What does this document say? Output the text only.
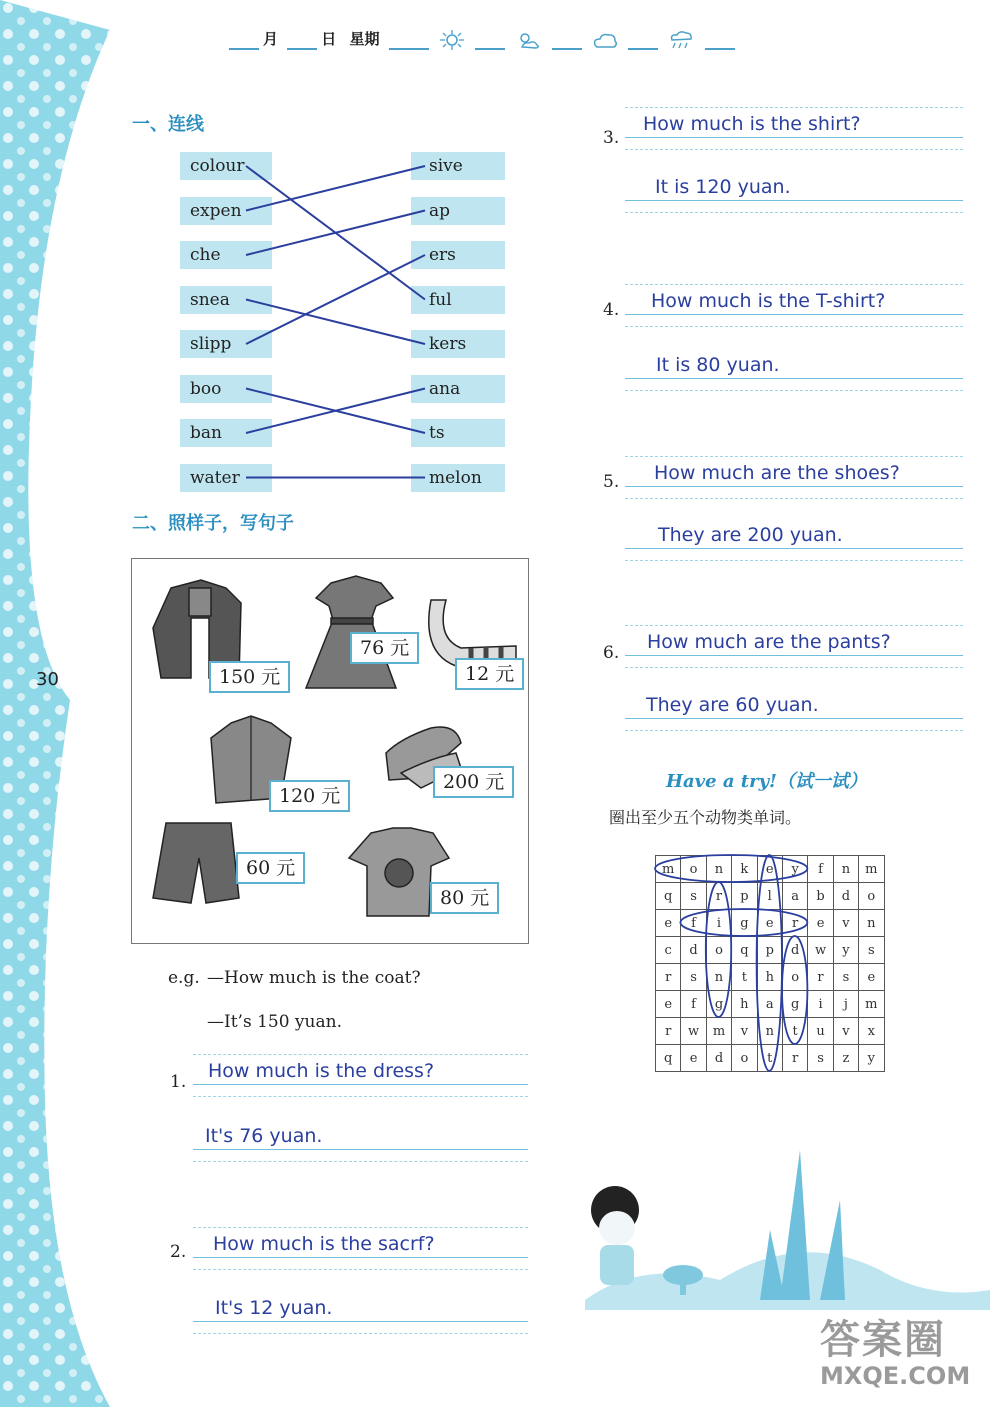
月	日 星期
一、连线
colour
expen
che
snea
slipp
boo
ban
water
sive
ap
ers
ful
kers
ana
ts
melon
二、照样子，写句子
150 元
76 元
12 元
120 元
200 元
60 元
80 元
e.g. —How much is the coat?
—It’s 150 yuan.
1. How much is the dress?
It's 76 yuan.
2. How much is the sacrf?
It's 12 yuan.
3.
How much is the shirt?
It is 120 yuan.
4. How much is the T-shirt?
It is 80 yuan.
5. How much are the shoes?
They are 200 yuan.
6. How much are the pants?
They are 60 yuan.
Have a try!（试一试）
圈出至少五个动物类单词。
m	o	n	k	e	y	f	n	m
q	s	r	p	l	a	b	d	o
e	f	i	g	e	r	e	v	n
c	d	o	q	p	d	w	y	s
r	s	n	t	h	o	r	s	e
e	f	g	h	a	g	i	j	m
r	w	m	v	n	t	u	v	x
q	e	d	o	t	r	s	z	y
30
答案圈
MXQE.COM
